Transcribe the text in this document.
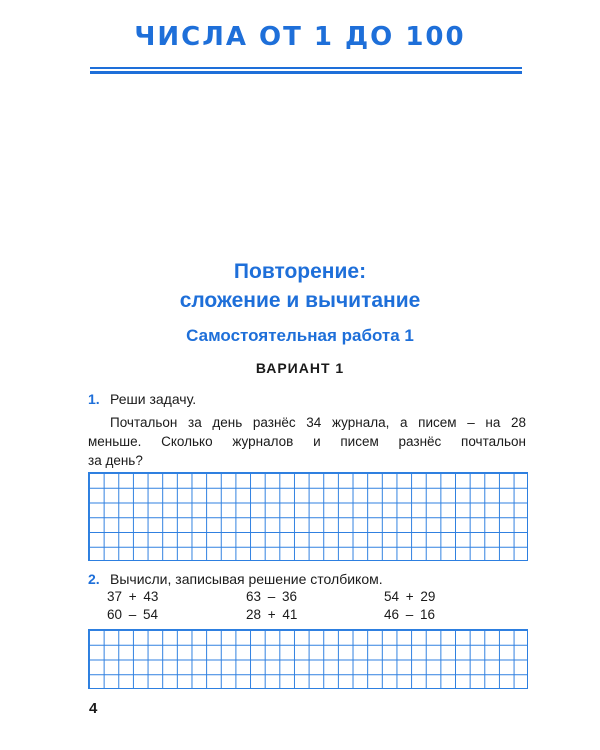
ЧИСЛА ОТ 1 ДО 100
Повторение:
сложение и вычитание
Самостоятельная работа 1
ВАРИАНТ 1
1. Реши задачу.
Почтальон за день разнёс 34 журнала, а писем – на 28
меньше. Сколько журналов и писем разнёс почтальон
за день?
2. Вычисли, записывая решение столбиком.
37 + 43	63 – 36	54 + 29
60 – 54	28 + 41	46 – 16
4
